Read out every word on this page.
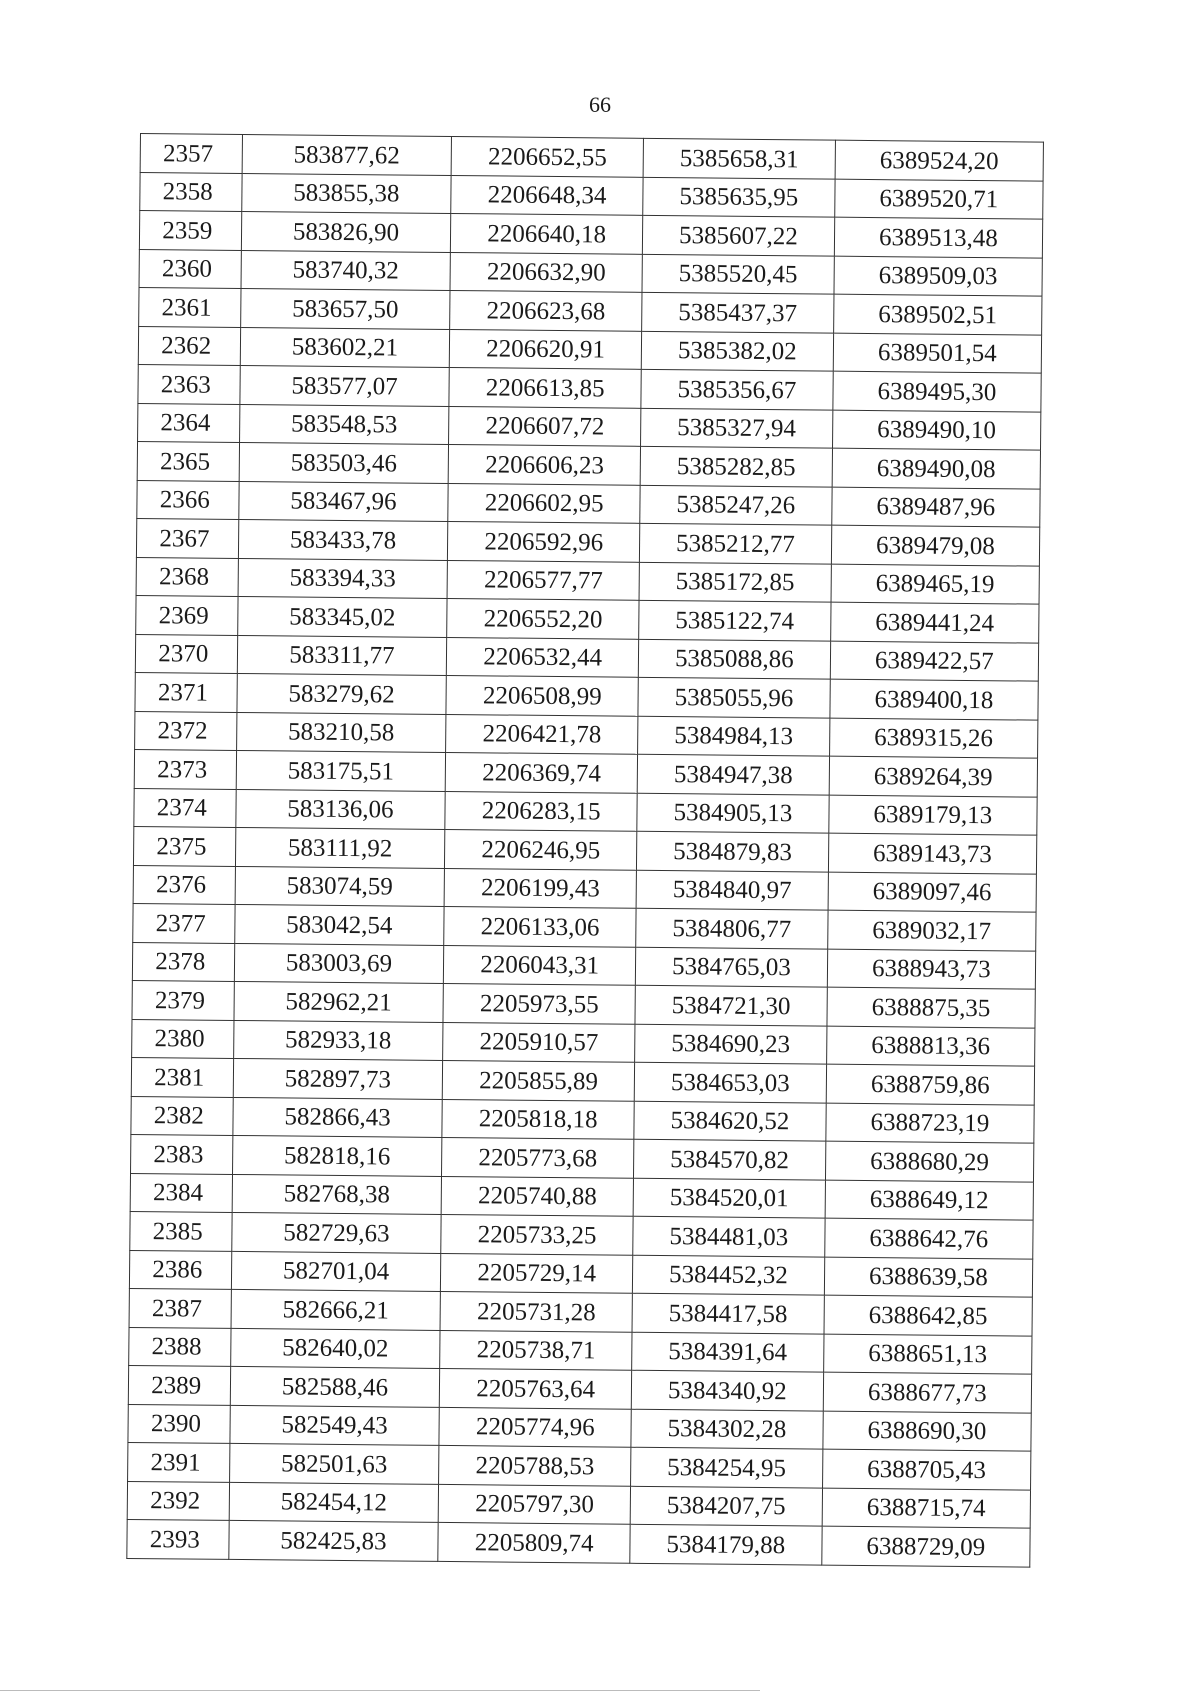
66
2357	583877,62	2206652,55	5385658,31	6389524,20
2358	583855,38	2206648,34	5385635,95	6389520,71
2359	583826,90	2206640,18	5385607,22	6389513,48
2360	583740,32	2206632,90	5385520,45	6389509,03
2361	583657,50	2206623,68	5385437,37	6389502,51
2362	583602,21	2206620,91	5385382,02	6389501,54
2363	583577,07	2206613,85	5385356,67	6389495,30
2364	583548,53	2206607,72	5385327,94	6389490,10
2365	583503,46	2206606,23	5385282,85	6389490,08
2366	583467,96	2206602,95	5385247,26	6389487,96
2367	583433,78	2206592,96	5385212,77	6389479,08
2368	583394,33	2206577,77	5385172,85	6389465,19
2369	583345,02	2206552,20	5385122,74	6389441,24
2370	583311,77	2206532,44	5385088,86	6389422,57
2371	583279,62	2206508,99	5385055,96	6389400,18
2372	583210,58	2206421,78	5384984,13	6389315,26
2373	583175,51	2206369,74	5384947,38	6389264,39
2374	583136,06	2206283,15	5384905,13	6389179,13
2375	583111,92	2206246,95	5384879,83	6389143,73
2376	583074,59	2206199,43	5384840,97	6389097,46
2377	583042,54	2206133,06	5384806,77	6389032,17
2378	583003,69	2206043,31	5384765,03	6388943,73
2379	582962,21	2205973,55	5384721,30	6388875,35
2380	582933,18	2205910,57	5384690,23	6388813,36
2381	582897,73	2205855,89	5384653,03	6388759,86
2382	582866,43	2205818,18	5384620,52	6388723,19
2383	582818,16	2205773,68	5384570,82	6388680,29
2384	582768,38	2205740,88	5384520,01	6388649,12
2385	582729,63	2205733,25	5384481,03	6388642,76
2386	582701,04	2205729,14	5384452,32	6388639,58
2387	582666,21	2205731,28	5384417,58	6388642,85
2388	582640,02	2205738,71	5384391,64	6388651,13
2389	582588,46	2205763,64	5384340,92	6388677,73
2390	582549,43	2205774,96	5384302,28	6388690,30
2391	582501,63	2205788,53	5384254,95	6388705,43
2392	582454,12	2205797,30	5384207,75	6388715,74
2393	582425,83	2205809,74	5384179,88	6388729,09
